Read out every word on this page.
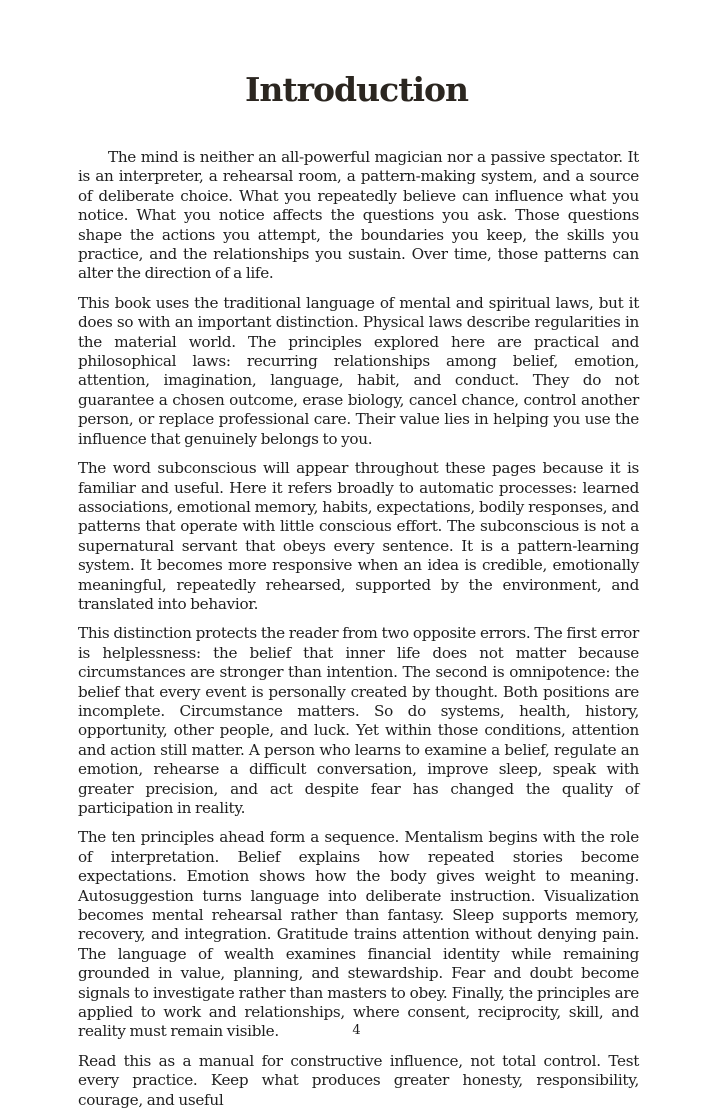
Introduction

The mind is neither an all-powerful magician nor a passive spectator. It is an interpreter, a rehearsal room, a pattern-making system, and a source of deliberate choice. What you repeatedly believe can influence what you notice. What you notice affects the questions you ask. Those questions shape the actions you attempt, the boundaries you keep, the skills you practice, and the relationships you sustain. Over time, those patterns can alter the direction of a life.

This book uses the traditional language of mental and spiritual laws, but it does so with an important distinction. Physical laws describe regularities in the material world. The principles explored here are practical and philosophical laws: recurring relationships among belief, emotion, attention, imagination, language, habit, and conduct. They do not guarantee a chosen outcome, erase biology, cancel chance, control another person, or replace professional care. Their value lies in helping you use the influence that genuinely belongs to you.

The word subconscious will appear throughout these pages because it is familiar and useful. Here it refers broadly to automatic processes: learned associations, emotional memory, habits, expectations, bodily responses, and patterns that operate with little conscious effort. The subconscious is not a supernatural servant that obeys every sentence. It is a pattern-learning system. It becomes more responsive when an idea is credible, emotionally meaningful, repeatedly rehearsed, supported by the environment, and translated into behavior.

This distinction protects the reader from two opposite errors. The first error is helplessness: the belief that inner life does not matter because circumstances are stronger than intention. The second is omnipotence: the belief that every event is personally created by thought. Both positions are incomplete. Circumstance matters. So do systems, health, history, opportunity, other people, and luck. Yet within those conditions, attention and action still matter. A person who learns to examine a belief, regulate an emotion, rehearse a difficult conversation, improve sleep, speak with greater precision, and act despite fear has changed the quality of participation in reality.

The ten principles ahead form a sequence. Mentalism begins with the role of interpretation. Belief explains how repeated stories become expectations. Emotion shows how the body gives weight to meaning. Autosuggestion turns language into deliberate instruction. Visualization becomes mental rehearsal rather than fantasy. Sleep supports memory, recovery, and integration. Gratitude trains attention without denying pain. The language of wealth examines financial identity while remaining grounded in value, planning, and stewardship. Fear and doubt become signals to investigate rather than masters to obey. Finally, the principles are applied to work and relationships, where consent, reciprocity, skill, and reality must remain visible.

Read this as a manual for constructive influence, not total control. Test every practice. Keep what produces greater honesty, responsibility, courage, and useful

4
